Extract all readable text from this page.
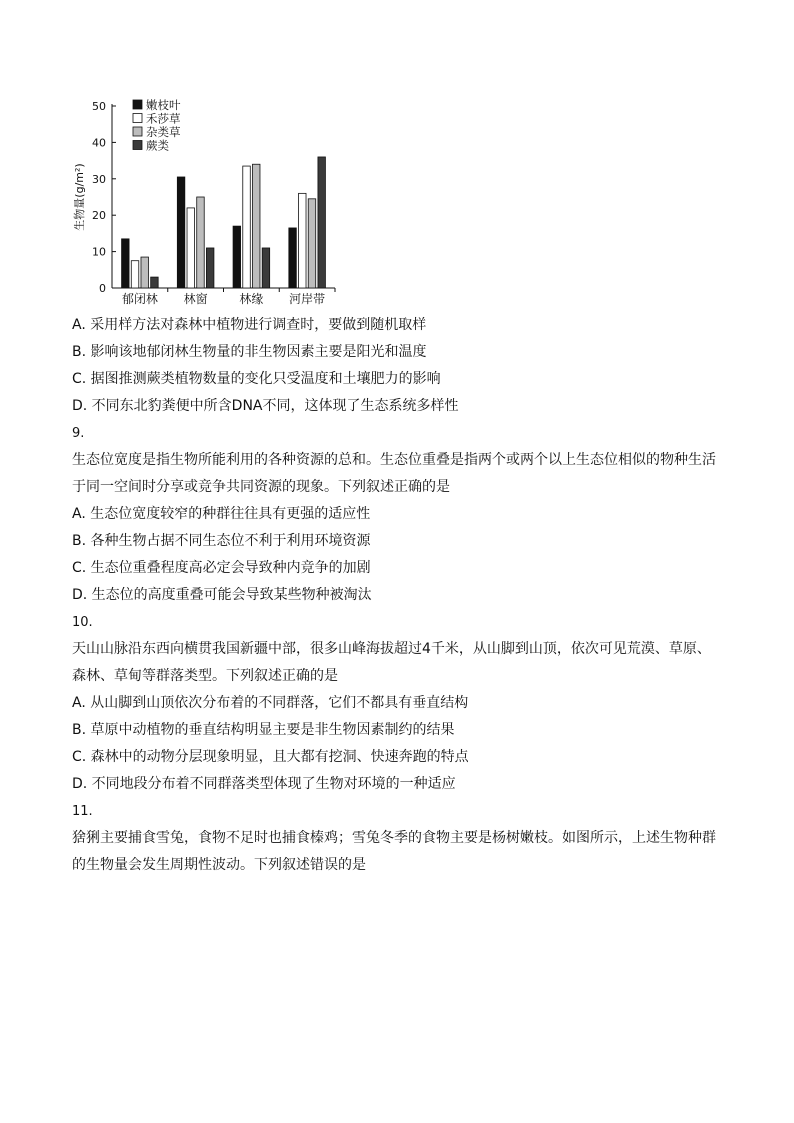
0
10
20
30
40
50
生物量(g/m²)
郁闭林 林窗	林缘 河岸带
嫩枝叶
禾莎草
杂类草
蕨类
A. 采用样方法对森林中植物进行调查时，要做到随机取样
B. 影响该地郁闭林生物量的非生物因素主要是阳光和温度
C. 据图推测蕨类植物数量的变化只受温度和土壤肥力的影响
D. 不同东北豹粪便中所含DNA不同，这体现了生态系统多样性
9.
生态位宽度是指生物所能利用的各种资源的总和。生态位重叠是指两个或两个以上生态位相似的物种生活
于同一空间时分享或竞争共同资源的现象。下列叙述正确的是
A. 生态位宽度较窄的种群往往具有更强的适应性
B. 各种生物占据不同生态位不利于利用环境资源
C. 生态位重叠程度高必定会导致种内竞争的加剧
D. 生态位的高度重叠可能会导致某些物种被淘汰
10.
天山山脉沿东西向横贯我国新疆中部，很多山峰海拔超过4千米，从山脚到山顶，依次可见荒漠、草原、
森林、草甸等群落类型。下列叙述正确的是
A. 从山脚到山顶依次分布着的不同群落，它们不都具有垂直结构
B. 草原中动植物的垂直结构明显主要是非生物因素制约的结果
C. 森林中的动物分层现象明显，且大都有挖洞、快速奔跑的特点
D. 不同地段分布着不同群落类型体现了生物对环境的一种适应
11.
猞猁主要捕食雪兔，食物不足时也捕食榛鸡；雪兔冬季的食物主要是杨树嫩枝。如图所示，上述生物种群
的生物量会发生周期性波动。下列叙述错误的是
